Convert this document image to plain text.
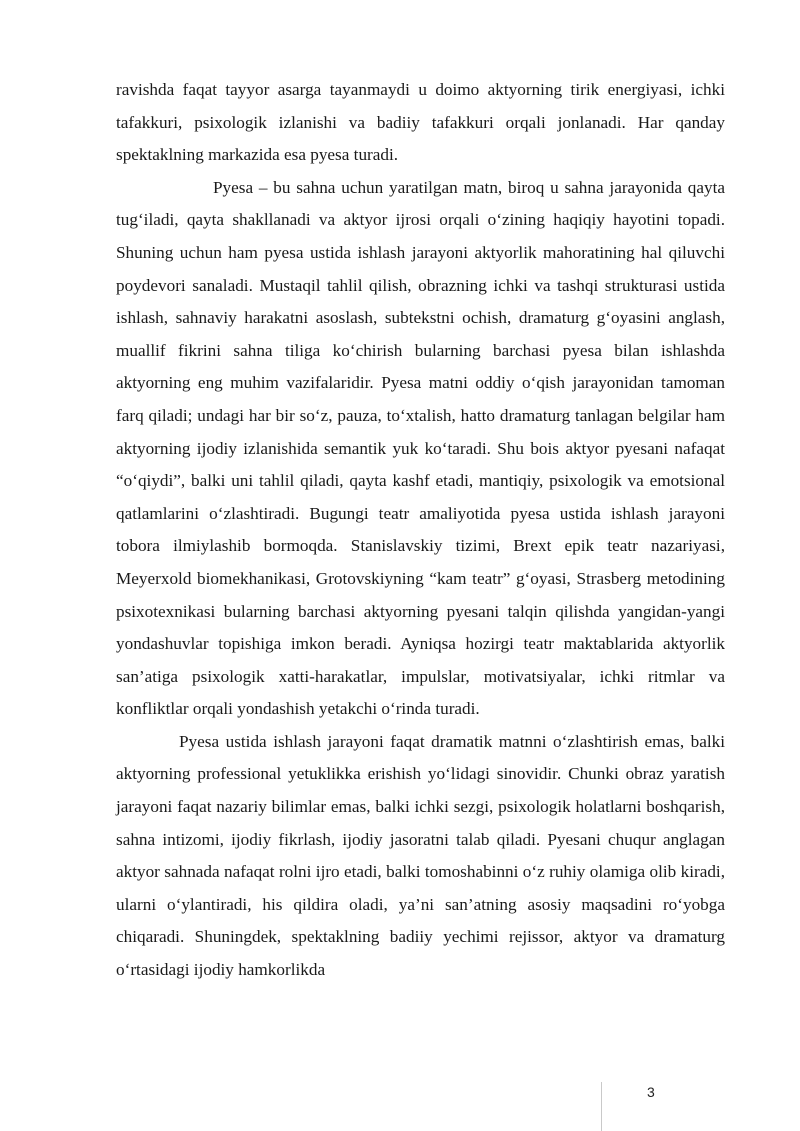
ravishda faqat tayyor asarga tayanmaydi u doimo aktyorning tirik energiyasi, ichki tafakkuri, psixologik izlanishi va badiiy tafakkuri orqali jonlanadi. Har qanday spektaklning markazida esa pyesa turadi.

Pyesa – bu sahna uchun yaratilgan matn, biroq u sahna jarayonida qayta tug‘iladi, qayta shakllanadi va aktyor ijrosi orqali o‘zining haqiqiy hayotini topadi. Shuning uchun ham pyesa ustida ishlash jarayoni aktyorlik mahoratining hal qiluvchi poydevori sanaladi. Mustaqil tahlil qilish, obrazning ichki va tashqi strukturasi ustida ishlash, sahnaviy harakatni asoslash, subtekstni ochish, dramaturg g‘oyasini anglash, muallif fikrini sahna tiliga ko‘chirish bularning barchasi pyesa bilan ishlashda aktyorning eng muhim vazifalaridir. Pyesa matni oddiy o‘qish jarayonidan tamoman farq qiladi; undagi har bir so‘z, pauza, to‘xtalish, hatto dramaturg tanlagan belgilar ham aktyorning ijodiy izlanishida semantik yuk ko‘taradi. Shu bois aktyor pyesani nafaqat “o‘qiydi”, balki uni tahlil qiladi, qayta kashf etadi, mantiqiy, psixologik va emotsional qatlamlarini o‘zlashtiradi. Bugungi teatr amaliyotida pyesa ustida ishlash jarayoni tobora ilmiylashib bormoqda. Stanislavskiy tizimi, Brext epik teatr nazariyasi, Meyerxold biomekhanikasi, Grotovskiyning “kam teatr” g‘oyasi, Strasberg metodining psixotexnikasi bularning barchasi aktyorning pyesani talqin qilishda yangidan-yangi yondashuvlar topishiga imkon beradi. Ayniqsa hozirgi teatr maktablarida aktyorlik san’atiga psixologik xatti-harakatlar, impulslar, motivatsiyalar, ichki ritmlar va konfliktlar orqali yondashish yetakchi o‘rinda turadi.

Pyesa ustida ishlash jarayoni faqat dramatik matnni o‘zlashtirish emas, balki aktyorning professional yetuklikka erishish yo‘lidagi sinovidir. Chunki obraz yaratish jarayoni faqat nazariy bilimlar emas, balki ichki sezgi, psixologik holatlarni boshqarish, sahna intizomi, ijodiy fikrlash, ijodiy jasoratni talab qiladi. Pyesani chuqur anglagan aktyor sahnada nafaqat rolni ijro etadi, balki tomoshabinni o‘z ruhiy olamiga olib kiradi, ularni o‘ylantiradi, his qildira oladi, ya’ni san’atning asosiy maqsadini ro‘yobga chiqaradi. Shuningdek, spektaklning badiiy yechimi rejissor, aktyor va dramaturg o‘rtasidagi ijodiy hamkorlikda

3
